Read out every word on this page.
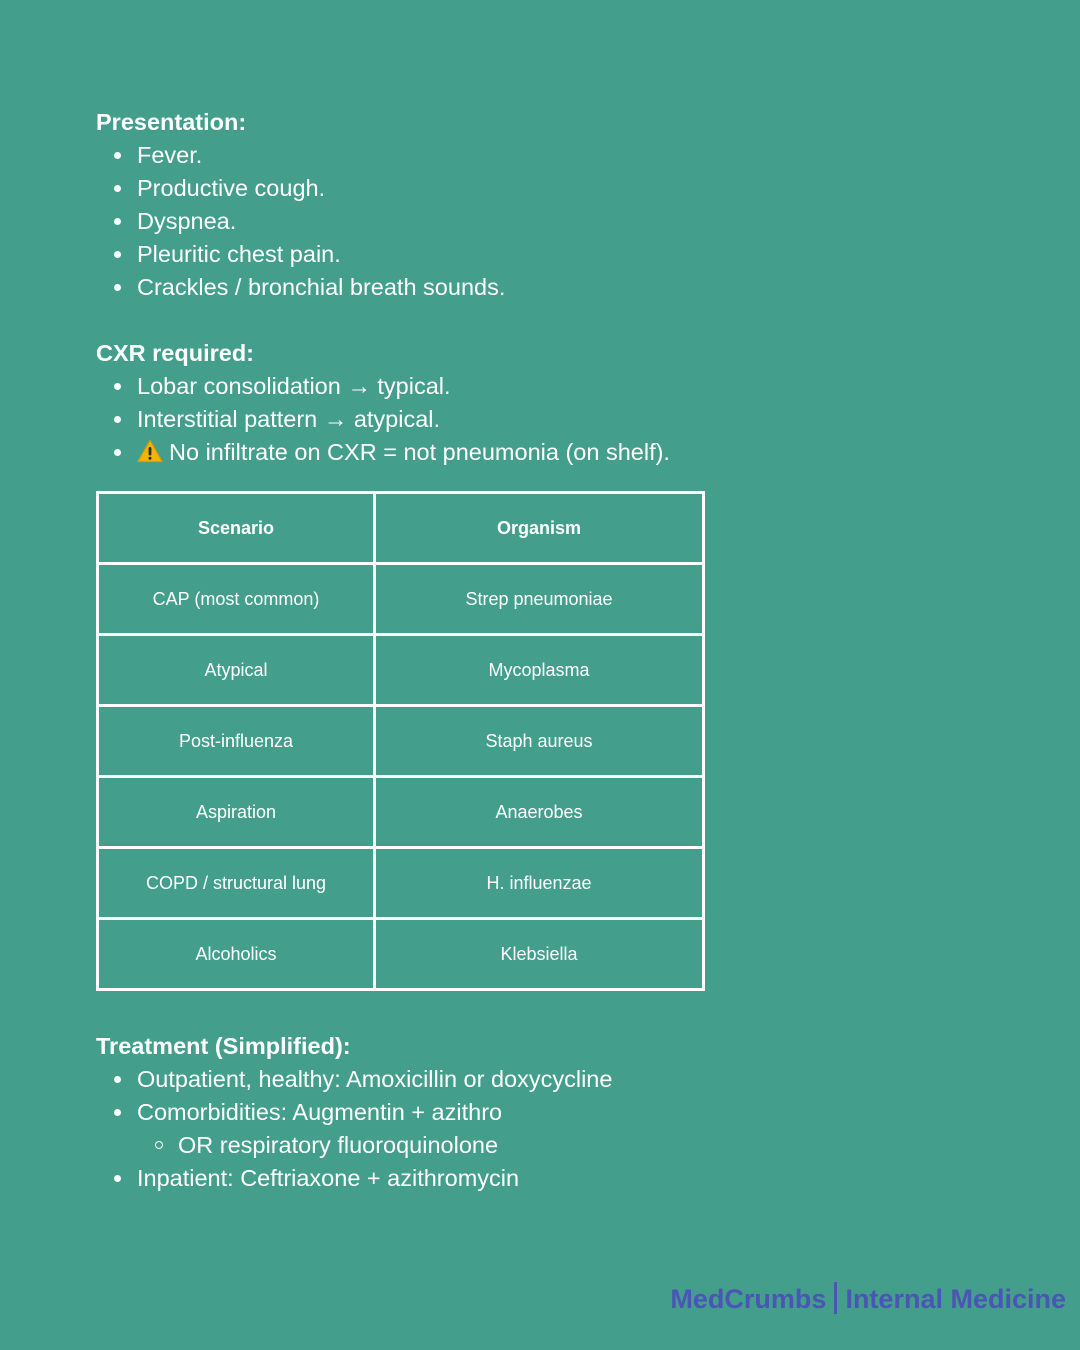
Presentation:
Fever.
Productive cough.
Dyspnea.
Pleuritic chest pain.
Crackles / bronchial breath sounds.
CXR required:
Lobar consolidation → typical.
Interstitial pattern → atypical.
No infiltrate on CXR = not pneumonia (on shelf).
Scenario	Organism
CAP (most common)	Strep pneumoniae
Atypical	Mycoplasma
Post-influenza	Staph aureus
Aspiration	Anaerobes
COPD / structural lung	H. influenzae
Alcoholics	Klebsiella
Treatment (Simplified):
Outpatient, healthy: Amoxicillin or doxycycline
Comorbidities: Augmentin + azithro
OR respiratory fluoroquinolone
Inpatient: Ceftriaxone + azithromycin
MedCrumbs Internal Medicine
